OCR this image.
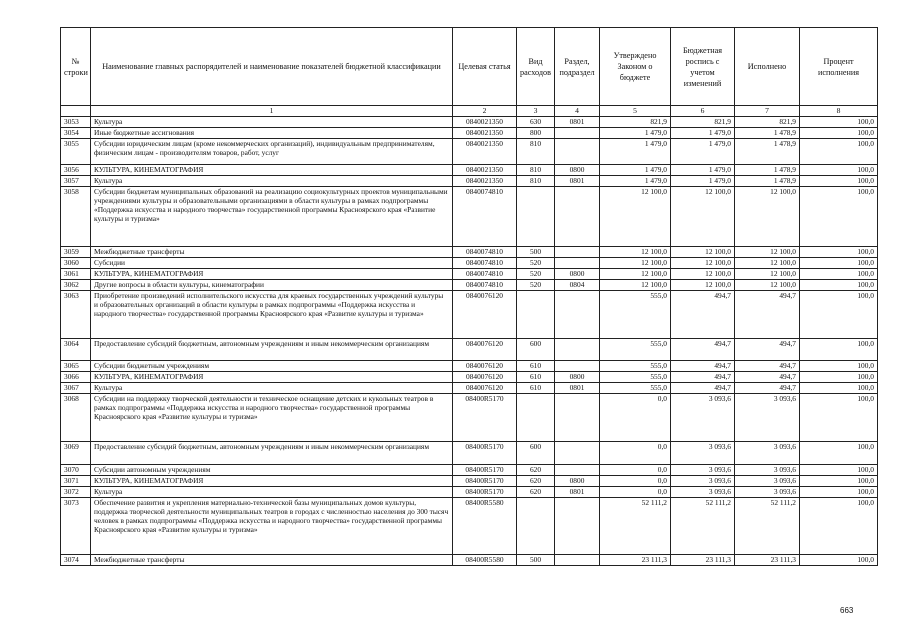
№ строки	Наименование главных распорядителей и наименование показателей бюджетной классификации	Целевая статья	Вид расходов	Раздел, подраздел	Утверждено Законом о бюджете	Бюджетная роспись с учетом изменений	Исполнено	Процент исполнения
	1	2	3	4	5	6	7	8
3053	Культура	0840021350	630	0801	821,9	821,9	821,9	100,0
3054	Иные бюджетные ассигнования	0840021350	800		1 479,0	1 479,0	1 478,9	100,0
3055	Субсидии юридическим лицам (кроме некоммерческих организаций), индивидуальным предпринимателям, физическим лицам - производителям товаров, работ, услуг	0840021350	810		1 479,0	1 479,0	1 478,9	100,0
3056	КУЛЬТУРА, КИНЕМАТОГРАФИЯ	0840021350	810	0800	1 479,0	1 479,0	1 478,9	100,0
3057	Культура	0840021350	810	0801	1 479,0	1 479,0	1 478,9	100,0
3058	Субсидии бюджетам муниципальных образований на реализацию социокультурных проектов муниципальными учреждениями культуры и образовательными организациями в области культуры в рамках подпрограммы «Поддержка искусства и народного творчества» государственной программы Красноярского края «Развитие культуры и туризма»	0840074810			12 100,0	12 100,0	12 100,0	100,0
3059	Межбюджетные трансферты	0840074810	500		12 100,0	12 100,0	12 100,0	100,0
3060	Субсидии	0840074810	520		12 100,0	12 100,0	12 100,0	100,0
3061	КУЛЬТУРА, КИНЕМАТОГРАФИЯ	0840074810	520	0800	12 100,0	12 100,0	12 100,0	100,0
3062	Другие вопросы в области культуры, кинематографии	0840074810	520	0804	12 100,0	12 100,0	12 100,0	100,0
3063	Приобретение произведений исполнительского искусства для краевых государственных учреждений культуры и образовательных организаций в области культуры в рамках подпрограммы «Поддержка искусства и народного творчества» государственной программы Красноярского края «Развитие культуры и туризма»	0840076120			555,0	494,7	494,7	100,0
3064	Предоставление субсидий бюджетным, автономным учреждениям и иным некоммерческим организациям	0840076120	600		555,0	494,7	494,7	100,0
3065	Субсидии бюджетным учреждениям	0840076120	610		555,0	494,7	494,7	100,0
3066	КУЛЬТУРА, КИНЕМАТОГРАФИЯ	0840076120	610	0800	555,0	494,7	494,7	100,0
3067	Культура	0840076120	610	0801	555,0	494,7	494,7	100,0
3068	Субсидии на поддержку творческой деятельности и техническое оснащение детских и кукольных театров в рамках подпрограммы «Поддержка искусства и народного творчества» государственной программы Красноярского края «Развитие культуры и туризма»	08400R5170			0,0	3 093,6	3 093,6	100,0
3069	Предоставление субсидий бюджетным, автономным учреждениям и иным некоммерческим организациям	08400R5170	600		0,0	3 093,6	3 093,6	100,0
3070	Субсидии автономным учреждениям	08400R5170	620		0,0	3 093,6	3 093,6	100,0
3071	КУЛЬТУРА, КИНЕМАТОГРАФИЯ	08400R5170	620	0800	0,0	3 093,6	3 093,6	100,0
3072	Культура	08400R5170	620	0801	0,0	3 093,6	3 093,6	100,0
3073	Обеспечение развития и укрепления материально-технической базы муниципальных домов культуры, поддержка творческой деятельности муниципальных театров в городах с численностью населения до 300 тысяч человек в рамках подпрограммы «Поддержка искусства и народного творчества» государственной программы Красноярского края «Развитие культуры и туризма»	08400R5580			52 111,2	52 111,2	52 111,2	100,0
3074	Межбюджетные трансферты	08400R5580	500		23 111,3	23 111,3	23 111,3	100,0
663
